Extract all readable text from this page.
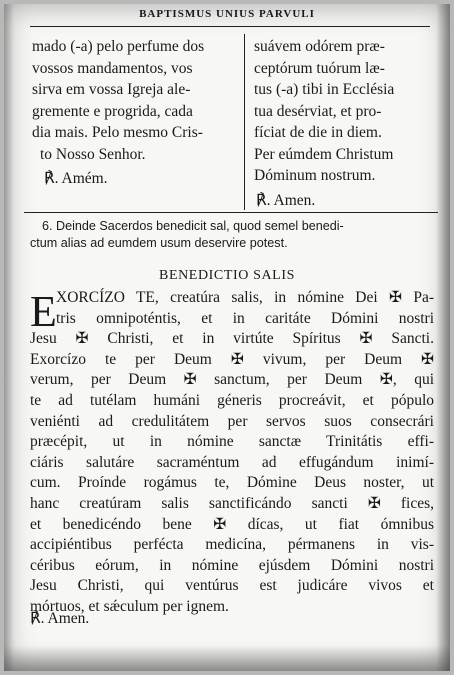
BAPTISMUS UNIUS PARVULI
mado (-a) pelo perfume dos
vossos mandamentos, vos
sirva em vossa Igreja ale-
gremente e progrida, cada
dia mais. Pelo mesmo Cris-
to Nosso Senhor.
℟. Amém.
suávem odórem præ-
ceptórum tuórum læ-
tus (-a) tibi in Ecclésia
tua desérviat, et pro-
fíciat de die in diem.
Per eúmdem Christum
Dóminum nostrum.
℟. Amen.
6. Deinde Sacerdos benedicit sal, quod semel benedi-
ctum alias ad eumdem usum deservire potest.
BENEDICTIO SALIS
E XORCÍZO TE, creatúra salis, in nómine Dei ✠ Pa-
tris omnipoténtis, et in caritáte Dómini nostri
Jesu ✠ Christi, et in virtúte Spíritus ✠ Sancti.
Exorcízo te per Deum ✠ vivum, per Deum ✠
verum, per Deum ✠ sanctum, per Deum ✠, qui
te ad tutélam humáni géneris procreávit, et pópulo
veniénti ad credulitátem per servos suos consecrári
præcépit, ut in nómine sanctæ Trinitátis effi-
ciáris salutáre sacraméntum ad effugándum inimí-
cum. Proínde rogámus te, Dómine Deus noster, ut
hanc creatúram salis sanctificándo sancti ✠ fices,
et benedicéndo bene ✠ dícas, ut fiat ómnibus
accipiéntibus perfécta medicína, pérmanens in vis-
céribus eórum, in nómine ejúsdem Dómini nostri
Jesu Christi, qui ventúrus est judicáre vivos et
mórtuos, et sǽculum per ignem.
℟. Amen.
